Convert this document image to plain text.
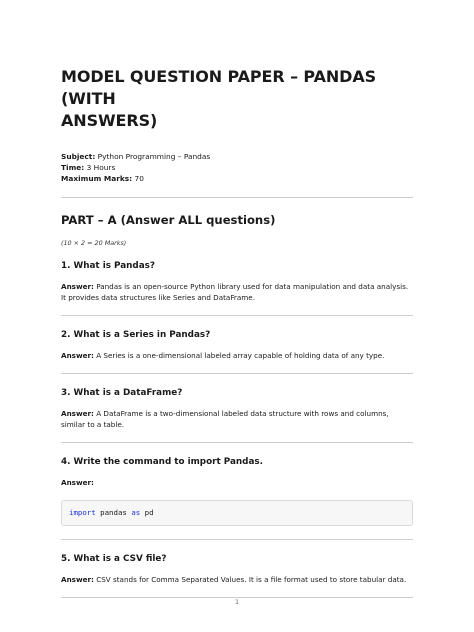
MODEL QUESTION PAPER – PANDAS (WITH
ANSWERS)

Subject: Python Programming – Pandas

Time: 3 Hours

Maximum Marks: 70

PART – A (Answer ALL questions)

(10 × 2 = 20 Marks)

1. What is Pandas?

Answer: Pandas is an open-source Python library used for data manipulation and data analysis. It provides data structures like Series and DataFrame.

2. What is a Series in Pandas?

Answer: A Series is a one-dimensional labeled array capable of holding data of any type.

3. What is a DataFrame?

Answer: A DataFrame is a two-dimensional labeled data structure with rows and columns, similar to a table.

4. Write the command to import Pandas.

Answer:

import pandas as pd
5. What is a CSV file?

Answer: CSV stands for Comma Separated Values. It is a file format used to store tabular data.

1
